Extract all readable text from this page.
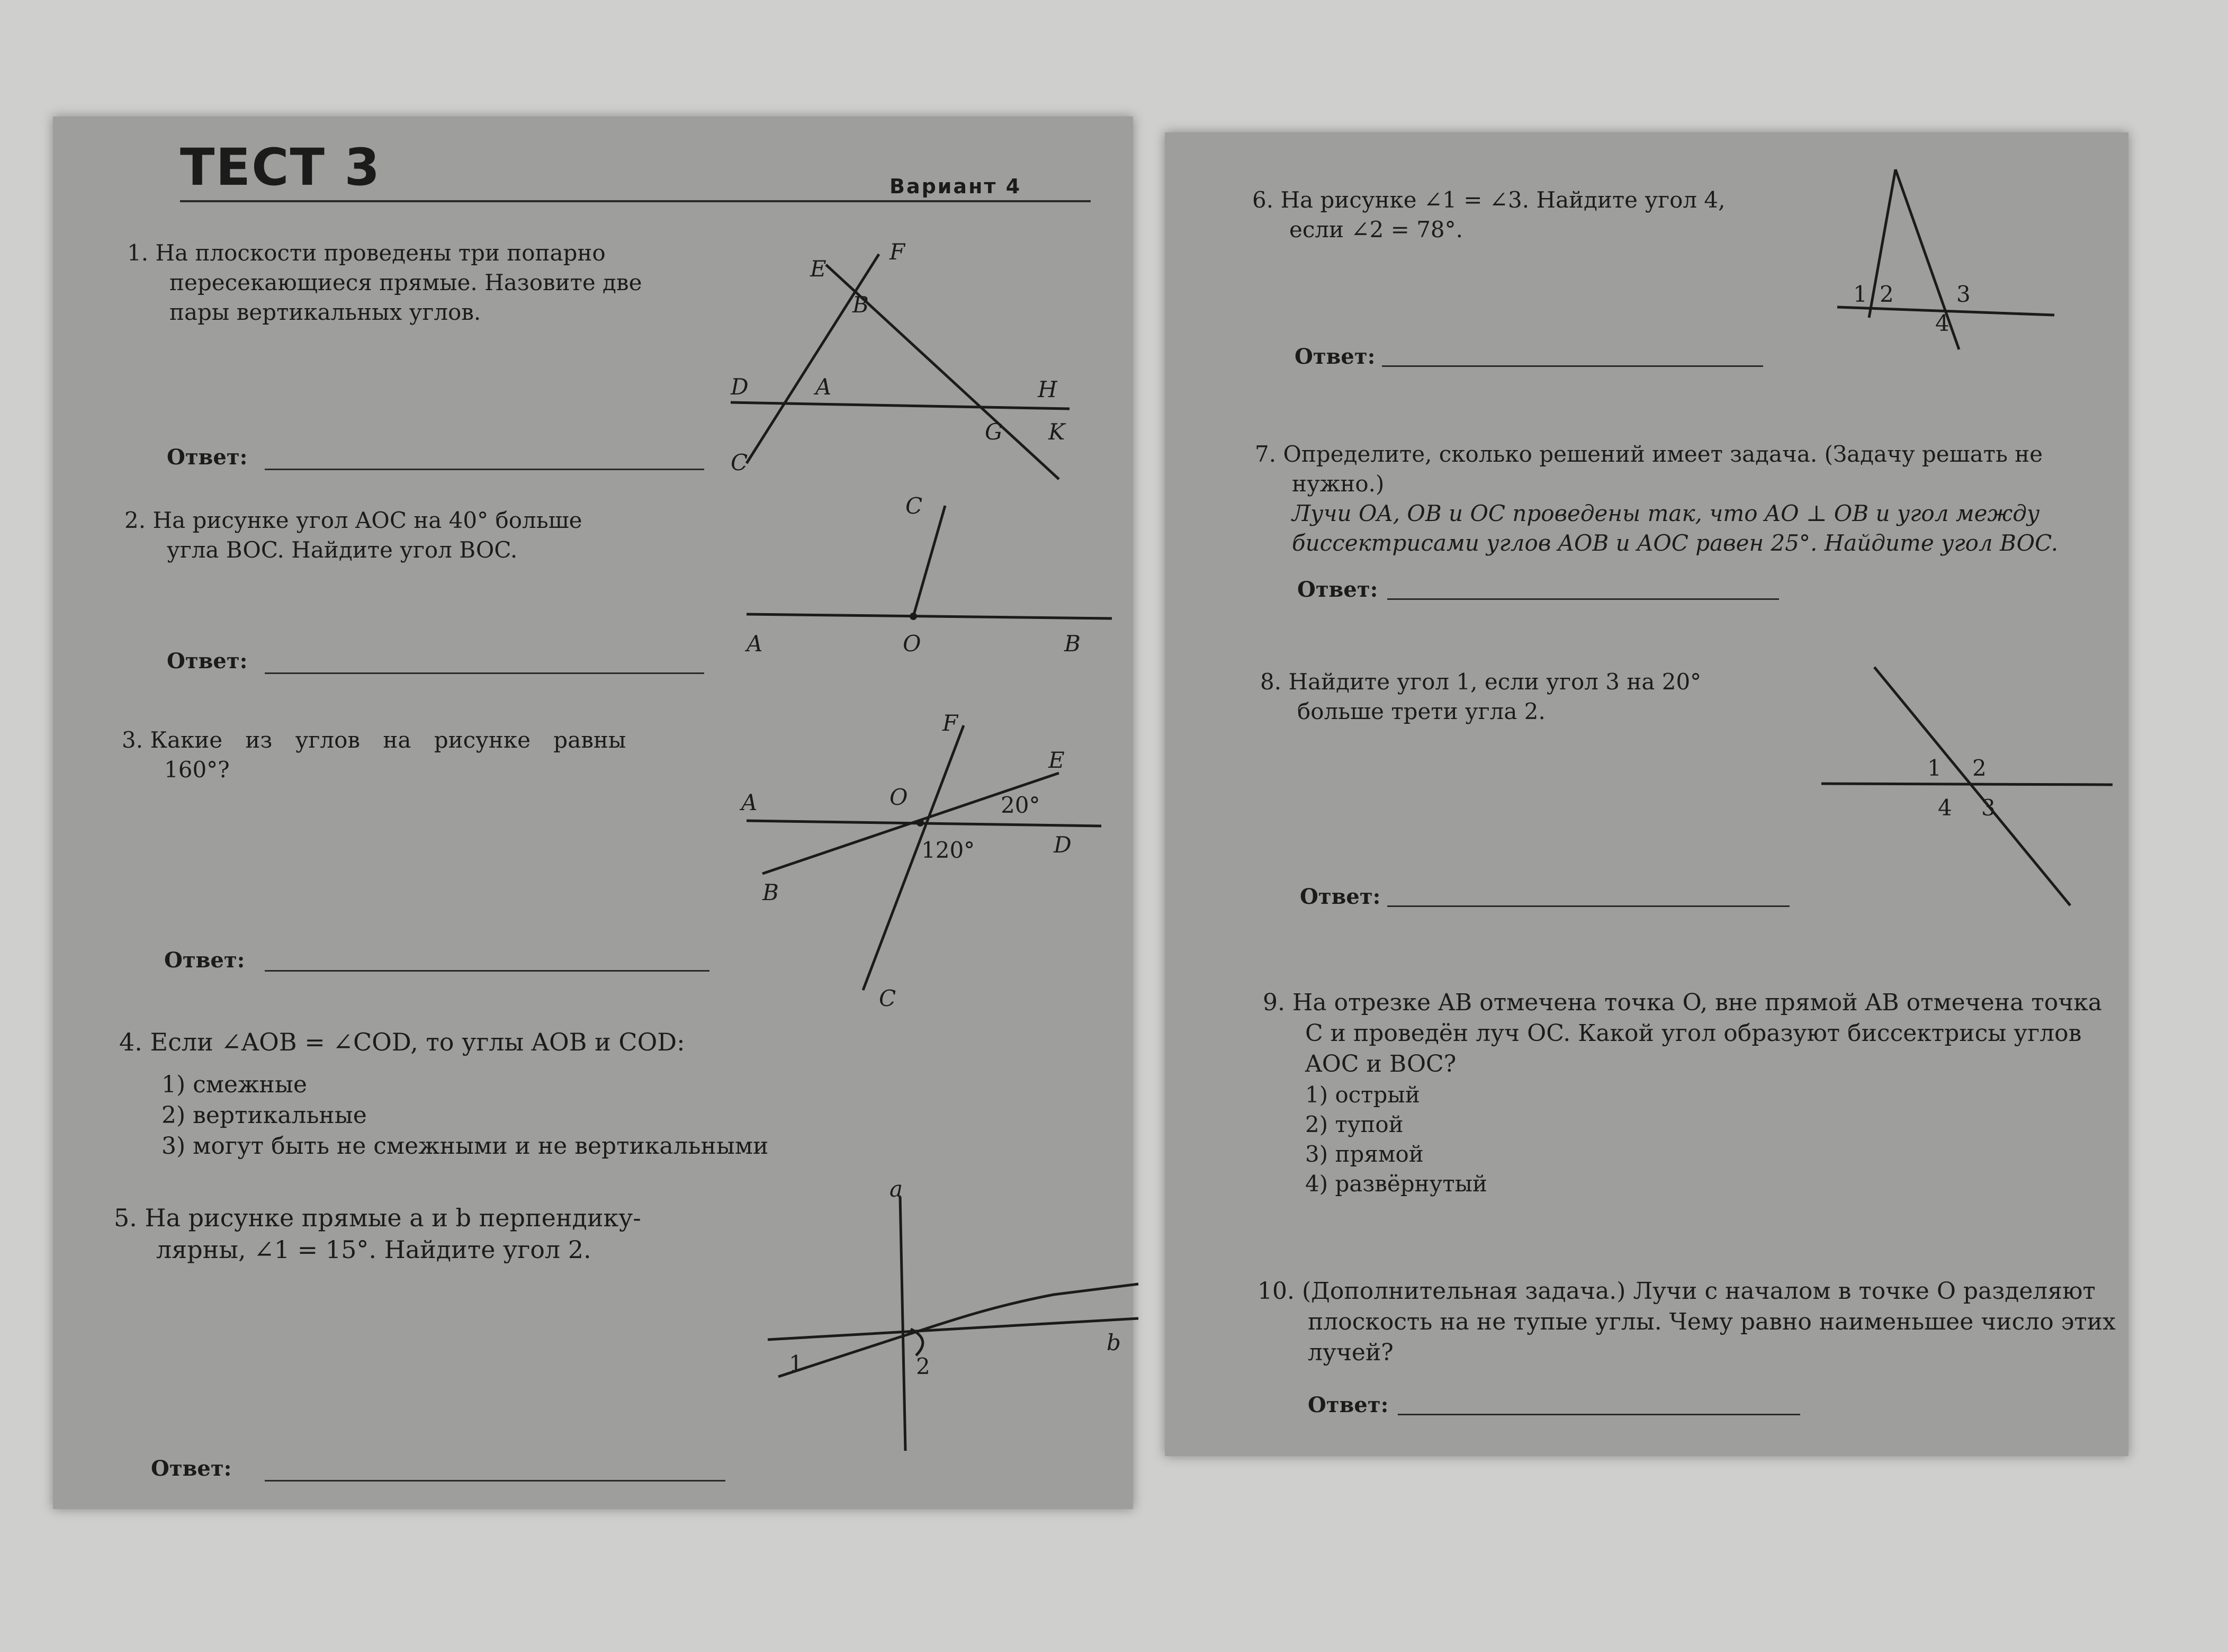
ТЕСТ 3	Вариант 4
1. На плоскости проведены три попарно
пересекающиеся прямые. Назовите две
пары вертикальных углов.
E
F
B
D	A	H
G K
C
Ответ:
2. На рисунке угол AOC на 40° больше
угла BOC. Найдите угол BOC.
C
A	O	B
Ответ:
3. Какие из углов на рисунке равны
160°?
F
E
A	O	20°
120°	D
B
C
Ответ:
4. Если ∠AOB = ∠COD, то углы AOB и COD:
1) смежные
2) вертикальные
3) могут быть не смежными и не вертикальными
5. На рисунке прямые a и b перпендику-
лярны, ∠1 = 15°. Найдите угол 2.
a
b
1	2
Ответ:
6. На рисунке ∠1 = ∠3. Найдите угол 4,
если ∠2 = 78°.
1 2	3
4
Ответ:
7. Определите, сколько решений имеет задача. (Задачу решать не
нужно.)
Лучи OA, OB и OC проведены так, что AO ⊥ OB и угол между
биссектрисами углов AOB и AOC равен 25°. Найдите угол BOC.
Ответ:
8. Найдите угол 1, если угол 3 на 20°
больше трети угла 2.
1 2
4 3
Ответ:
9. На отрезке AB отмечена точка O, вне прямой AB отмечена точка
C и проведён луч OC. Какой угол образуют биссектрисы углов
AOC и BOC?
1) острый
2) тупой
3) прямой
4) развёрнутый
10. (Дополнительная задача.) Лучи с началом в точке O разделяют
плоскость на не тупые углы. Чему равно наименьшее число этих
лучей?
Ответ:
